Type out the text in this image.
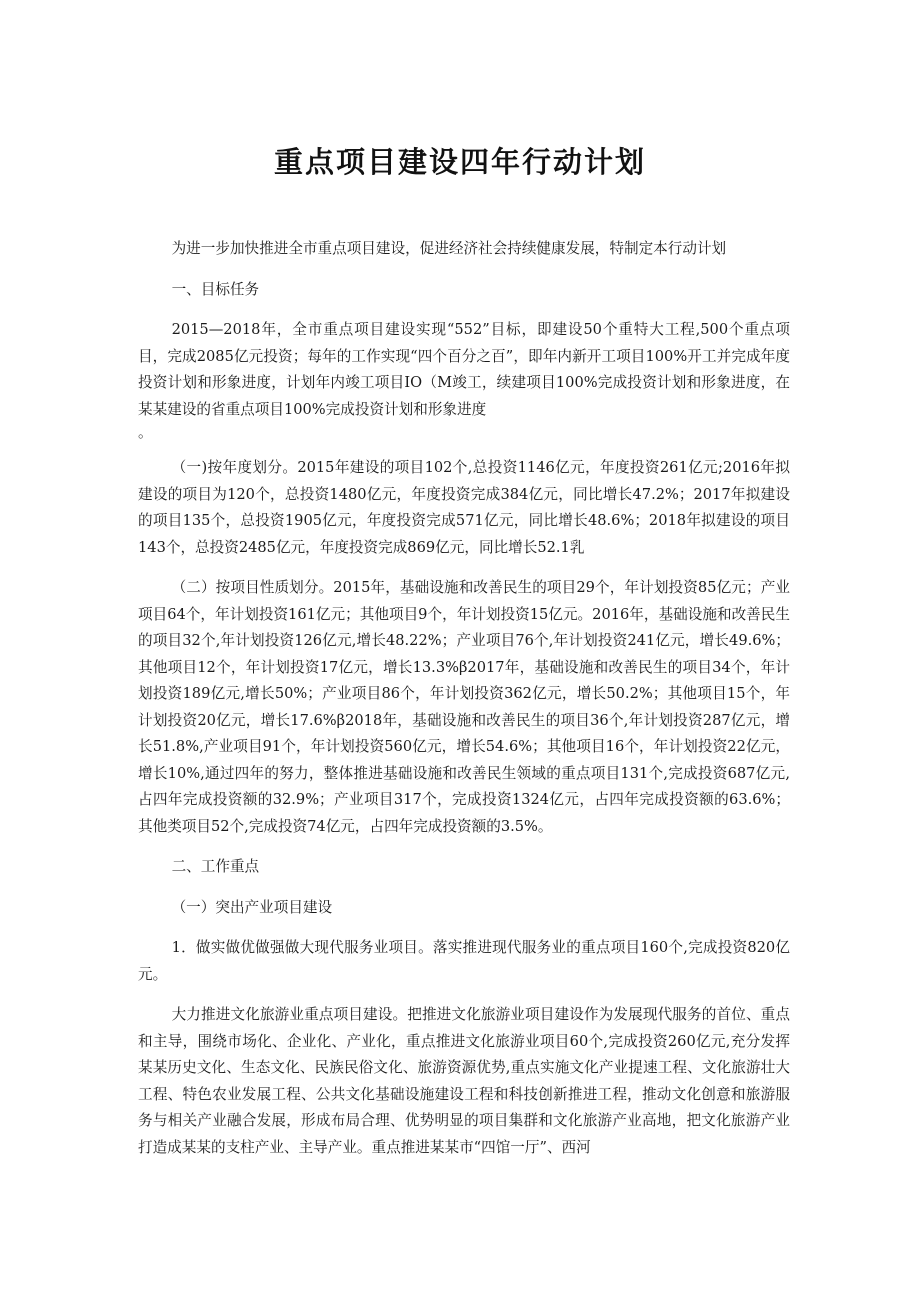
重点项目建设四年行动计划

为进一步加快推进全市重点项目建设，促进经济社会持续健康发展，特制定本行动计划

一、目标任务

2015—2018年，全市重点项目建设实现“552”目标，即建设50个重特大工程,500个重点项目，完成2085亿元投资；每年的工作实现“四个百分之百”，即年内新开工项目100%开工并完成年度投资计划和形象进度，计划年内竣工项目IO（M竣工，续建项目100%完成投资计划和形象进度，在某某建设的省重点项目100%完成投资计划和形象进度

。

（一)按年度划分。2015年建设的项目102个,总投资1146亿元，年度投资261亿元;2016年拟建设的项目为120个，总投资1480亿元，年度投资完成384亿元，同比增长47.2%；2017年拟建设的项目135个，总投资1905亿元，年度投资完成571亿元，同比增长48.6%；2018年拟建设的项目143个，总投资2485亿元，年度投资完成869亿元，同比增长52.1乳

（二）按项目性质划分。2015年，基础设施和改善民生的项目29个，年计划投资85亿元；产业项目64个，年计划投资161亿元；其他项目9个，年计划投资15亿元。2016年，基础设施和改善民生的项目32个,年计划投资126亿元,增长48.22%；产业项目76个,年计划投资241亿元，增长49.6%；其他项目12个，年计划投资17亿元，增长13.3%β2017年，基础设施和改善民生的项目34个，年计划投资189亿元,增长50%；产业项目86个，年计划投资362亿元，增长50.2%；其他项目15个，年计划投资20亿元，增长17.6%β2018年，基础设施和改善民生的项目36个,年计划投资287亿元，增长51.8%,产业项目91个，年计划投资560亿元，增长54.6%；其他项目16个，年计划投资22亿元，增长10%,通过四年的努力，整体推进基础设施和改善民生领域的重点项目131个,完成投资687亿元,占四年完成投资额的32.9%；产业项目317个，完成投资1324亿元，占四年完成投资额的63.6%；其他类项目52个,完成投资74亿元，占四年完成投资额的3.5%。

二、工作重点

（一）突出产业项目建设

1．做实做优做强做大现代服务业项目。落实推进现代服务业的重点项目160个,完成投资820亿元。

大力推进文化旅游业重点项目建设。把推进文化旅游业项目建设作为发展现代服务的首位、重点和主导，围绕市场化、企业化、产业化，重点推进文化旅游业项目60个,完成投资260亿元,充分发挥某某历史文化、生态文化、民族民俗文化、旅游资源优势,重点实施文化产业提速工程、文化旅游壮大工程、特色农业发展工程、公共文化基础设施建设工程和科技创新推进工程，推动文化创意和旅游服务与相关产业融合发展，形成布局合理、优势明显的项目集群和文化旅游产业高地，把文化旅游产业打造成某某的支柱产业、主导产业。重点推进某某市“四馆一厅”、西河
